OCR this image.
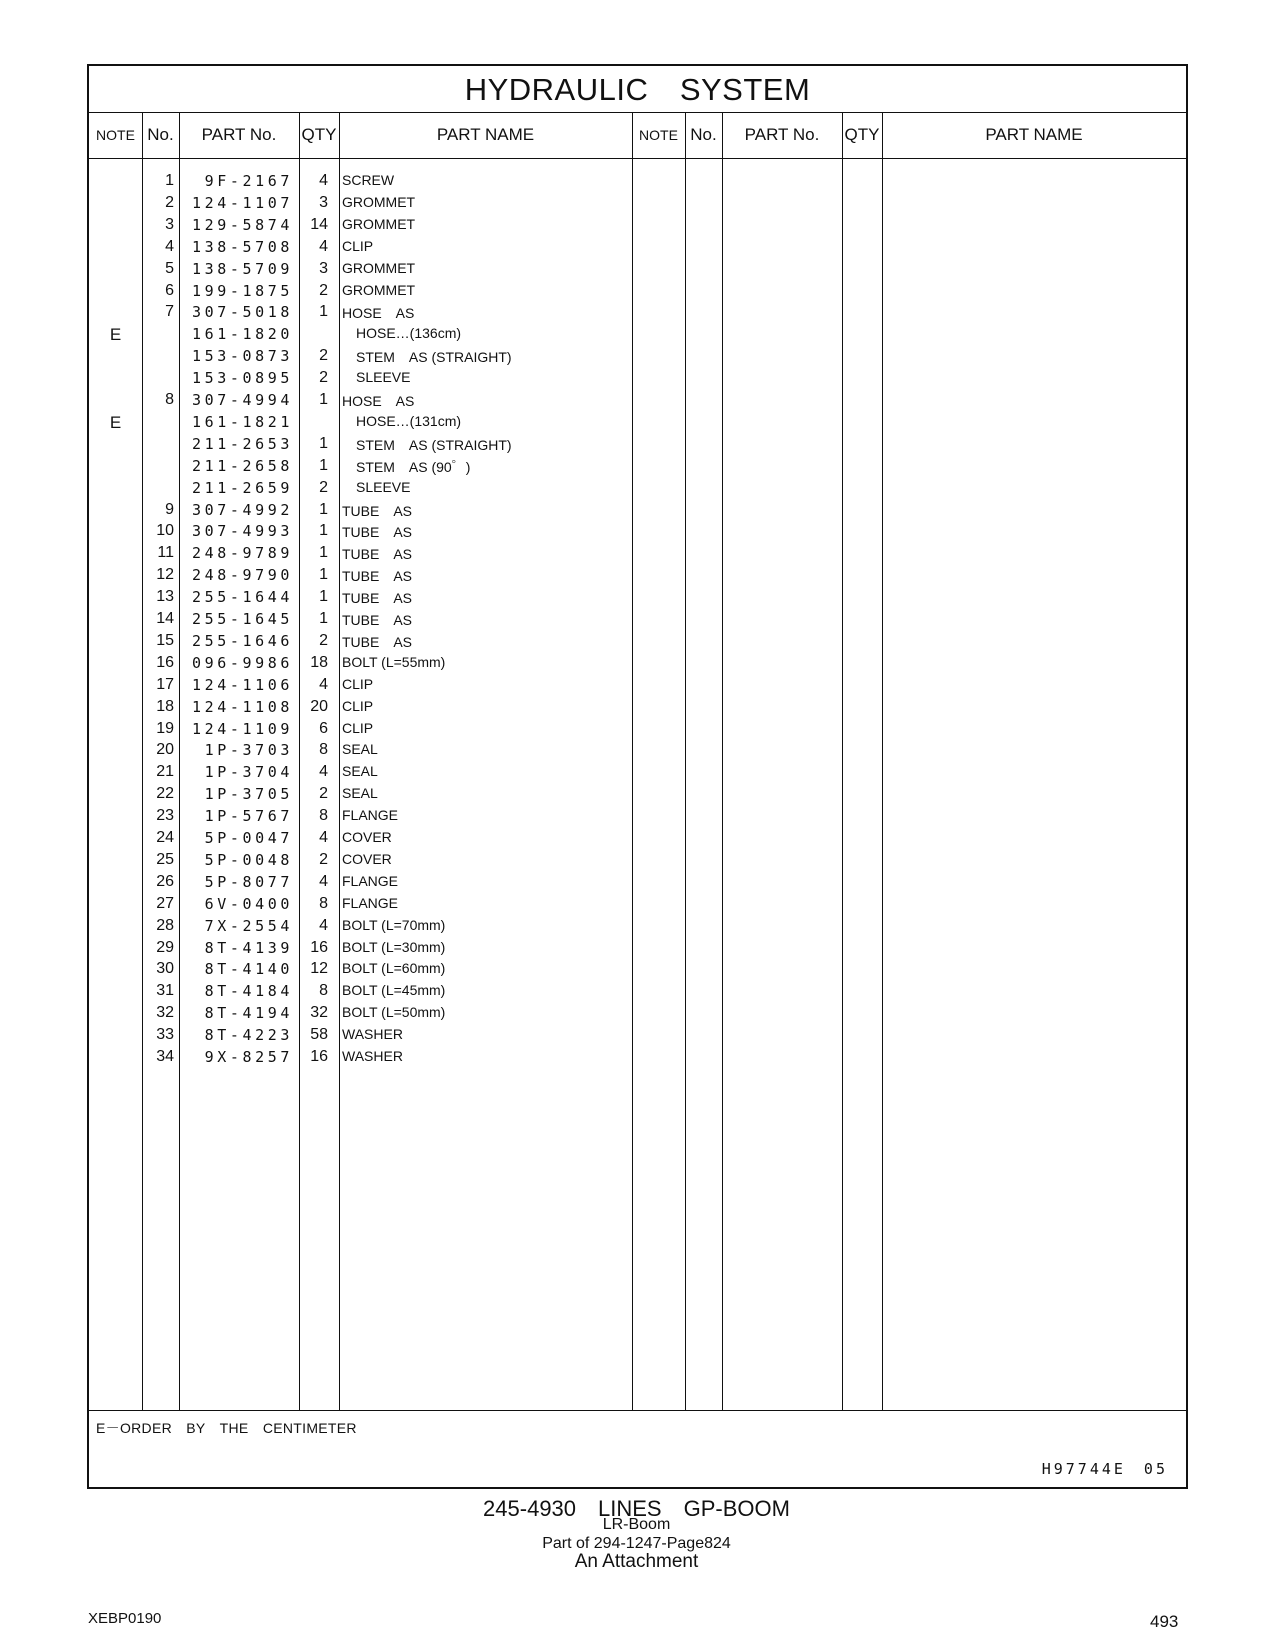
HYDRAULIC　SYSTEM
NOTE No.	PART No.	QTY	PART NAME	NOTE No.	PART No.	QTY	PART NAME
1	9F-2167	4 SCREW
2	124-1107	3 GROMMET
3	129-5874	14 GROMMET
4	138-5708	4 CLIP
5	138-5709	3 GROMMET
6	199-1875	2 GROMMET
7	307-5018	1 HOSE　AS
E	161-1820	HOSE…(136cm)
153-0873	2 STEM　AS (STRAIGHT)
153-0895	2 SLEEVE
8	307-4994	1 HOSE　AS
E	161-1821	HOSE…(131cm)
211-2653	1 STEM　AS (STRAIGHT)
211-2658	1 STEM　AS (90゜)
211-2659	2 SLEEVE
9	307-4992	1 TUBE　AS
10	307-4993	1 TUBE　AS
11	248-9789	1 TUBE　AS
12	248-9790	1 TUBE　AS
13	255-1644	1 TUBE　AS
14	255-1645	1 TUBE　AS
15	255-1646	2 TUBE　AS
16	096-9986	18 BOLT (L=55mm)
17	124-1106	4 CLIP
18	124-1108	20 CLIP
19	124-1109	6 CLIP
20	1P-3703	8 SEAL
21	1P-3704	4 SEAL
22	1P-3705	2 SEAL
23	1P-5767	8 FLANGE
24	5P-0047	4 COVER
25	5P-0048	2 COVER
26	5P-8077	4 FLANGE
27	6V-0400	8 FLANGE
28	7X-2554	4 BOLT (L=70mm)
29	8T-4139	16 BOLT (L=30mm)
30	8T-4140	12 BOLT (L=60mm)
31	8T-4184	8 BOLT (L=45mm)
32	8T-4194	32 BOLT (L=50mm)
33	8T-4223	58 WASHER
34	9X-8257	16 WASHER
E－ORDER　BY　THE　CENTIMETER
H97744E　05
245-4930　LINES　GP-BOOM
LR-Boom
Part of 294-1247-Page824
An Attachment
XEBP0190	493
